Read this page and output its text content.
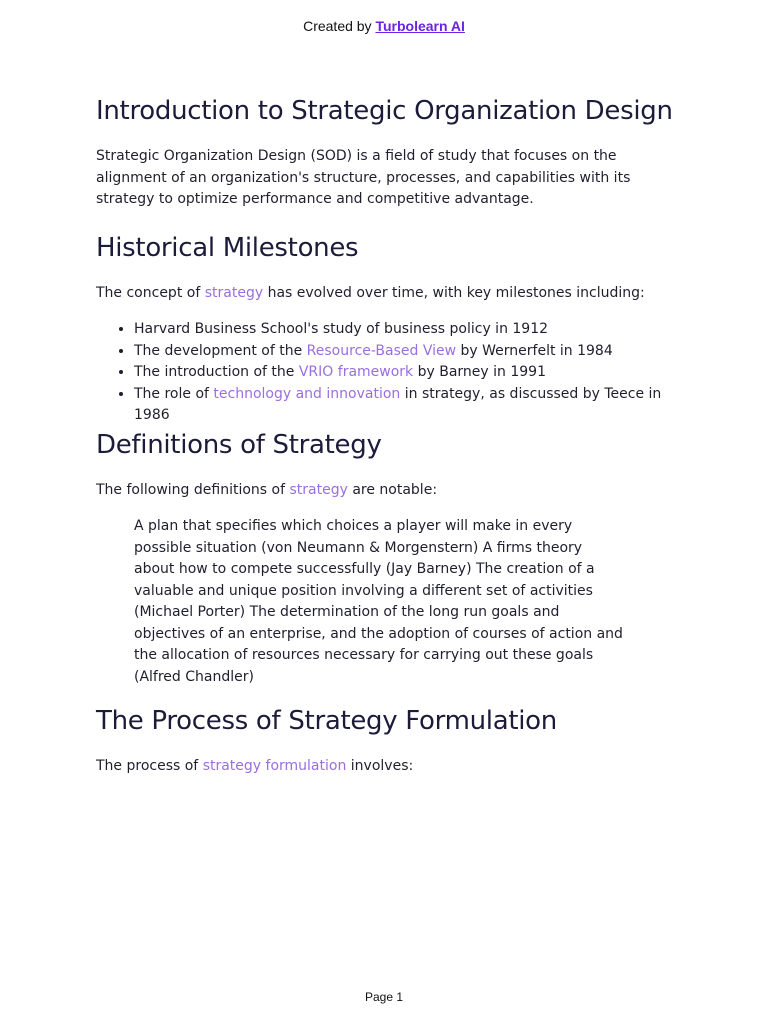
Created by Turbolearn AI
Introduction to Strategic Organization Design

Strategic Organization Design (SOD) is a field of study that focuses on the alignment of an organization's structure, processes, and capabilities with its strategy to optimize performance and competitive advantage.

Historical Milestones

The concept of strategy has evolved over time, with key milestones including:

• Harvard Business School's study of business policy in 1912
• The development of the Resource-Based View by Wernerfelt in 1984
• The introduction of the VRIO framework by Barney in 1991
• The role of technology and innovation in strategy, as discussed by Teece in 1986
Definitions of Strategy

The following definitions of strategy are notable:

A plan that specifies which choices a player will make in every possible situation (von Neumann & Morgenstern) A firms theory about how to compete successfully (Jay Barney) The creation of a valuable and unique position involving a different set of activities (Michael Porter) The determination of the long run goals and objectives of an enterprise, and the adoption of courses of action and the allocation of resources necessary for carrying out these goals (Alfred Chandler)
The Process of Strategy Formulation

The process of strategy formulation involves:

Page 1
